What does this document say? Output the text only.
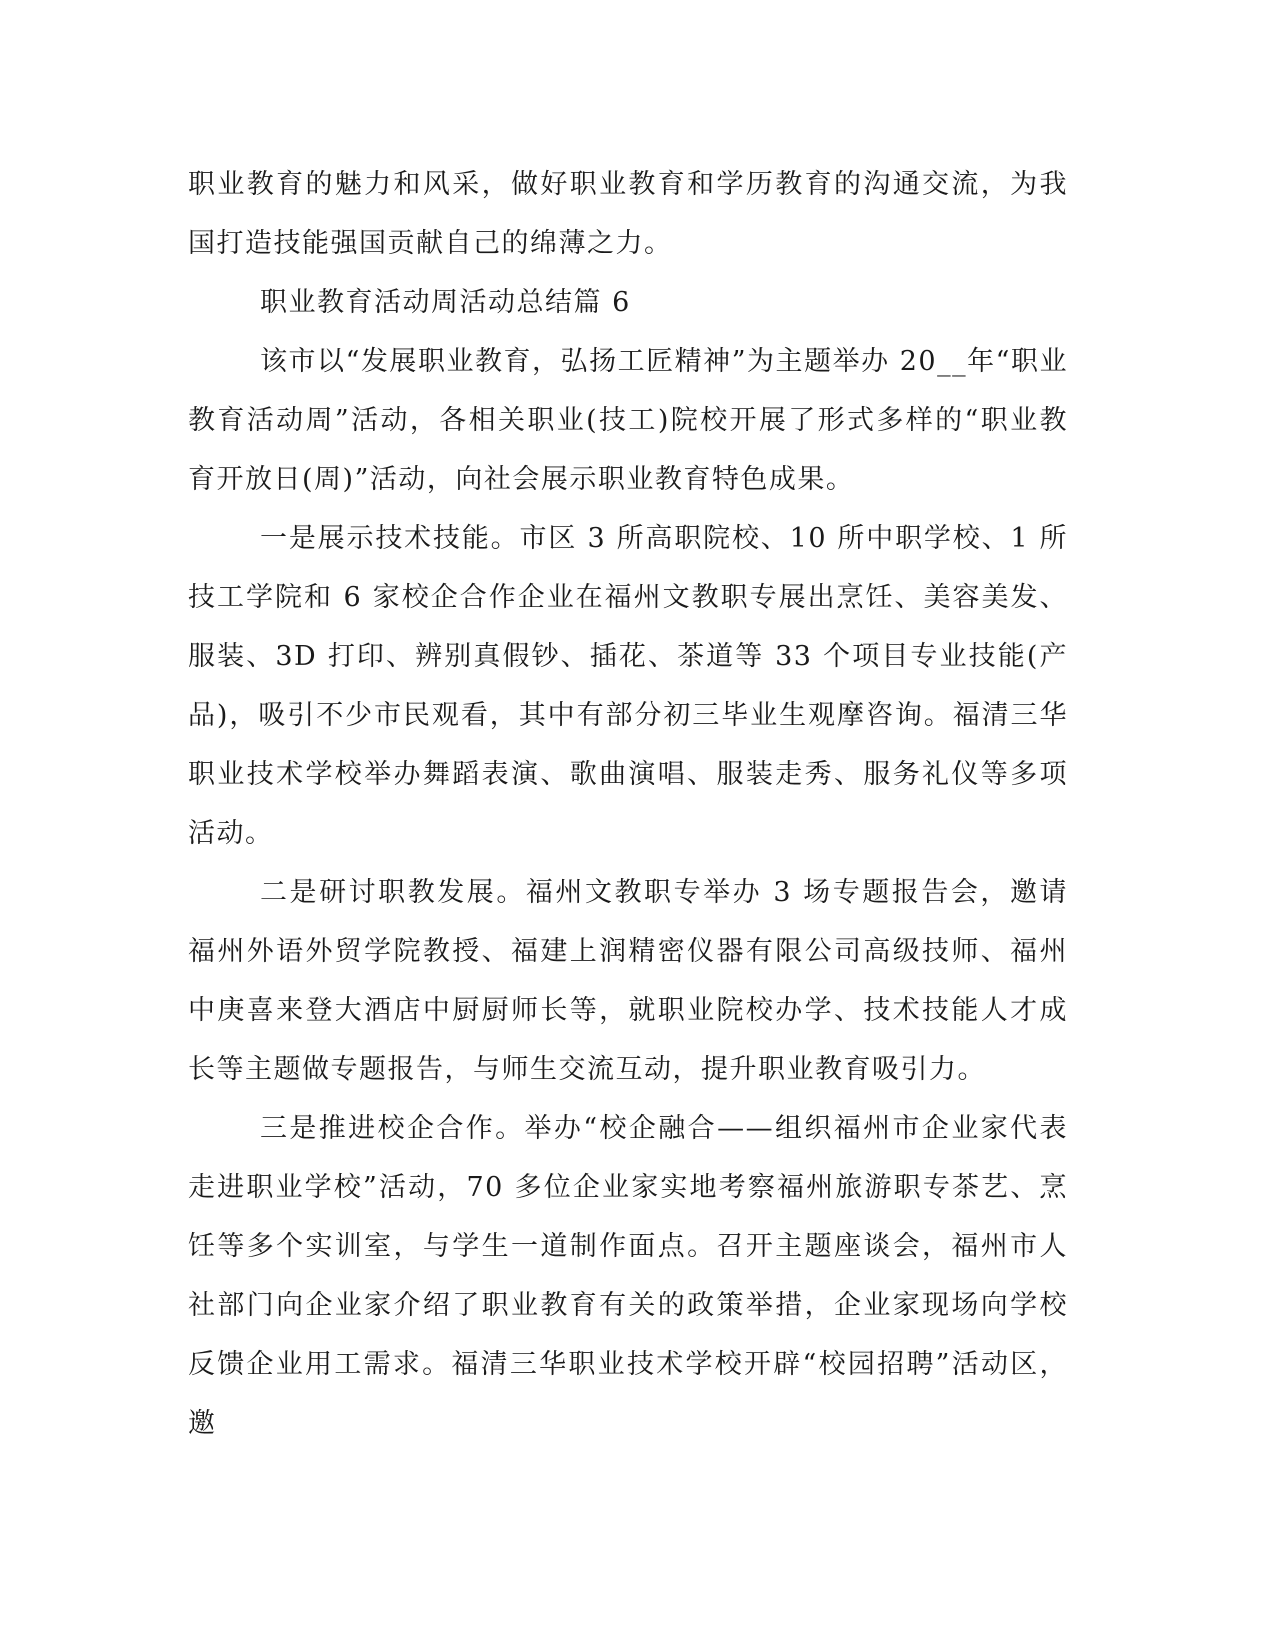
职业教育的魅力和风采，做好职业教育和学历教育的沟通交流，为我国打造技能强国贡献自己的绵薄之力。

职业教育活动周活动总结篇 6

该市以“发展职业教育，弘扬工匠精神”为主题举办 20__年“职业教育活动周”活动，各相关职业(技工)院校开展了形式多样的“职业教育开放日(周)”活动，向社会展示职业教育特色成果。

一是展示技术技能。市区 3 所高职院校、10 所中职学校、1 所技工学院和 6 家校企合作企业在福州文教职专展出烹饪、美容美发、服装、3D 打印、辨别真假钞、插花、茶道等 33 个项目专业技能(产品)，吸引不少市民观看，其中有部分初三毕业生观摩咨询。福清三华职业技术学校举办舞蹈表演、歌曲演唱、服装走秀、服务礼仪等多项活动。

二是研讨职教发展。福州文教职专举办 3 场专题报告会，邀请福州外语外贸学院教授、福建上润精密仪器有限公司高级技师、福州中庚喜来登大酒店中厨厨师长等，就职业院校办学、技术技能人才成长等主题做专题报告，与师生交流互动，提升职业教育吸引力。

三是推进校企合作。举办“校企融合——组织福州市企业家代表走进职业学校”活动，70 多位企业家实地考察福州旅游职专茶艺、烹饪等多个实训室，与学生一道制作面点。召开主题座谈会，福州市人社部门向企业家介绍了职业教育有关的政策举措，企业家现场向学校反馈企业用工需求。福清三华职业技术学校开辟“校园招聘”活动区，邀
